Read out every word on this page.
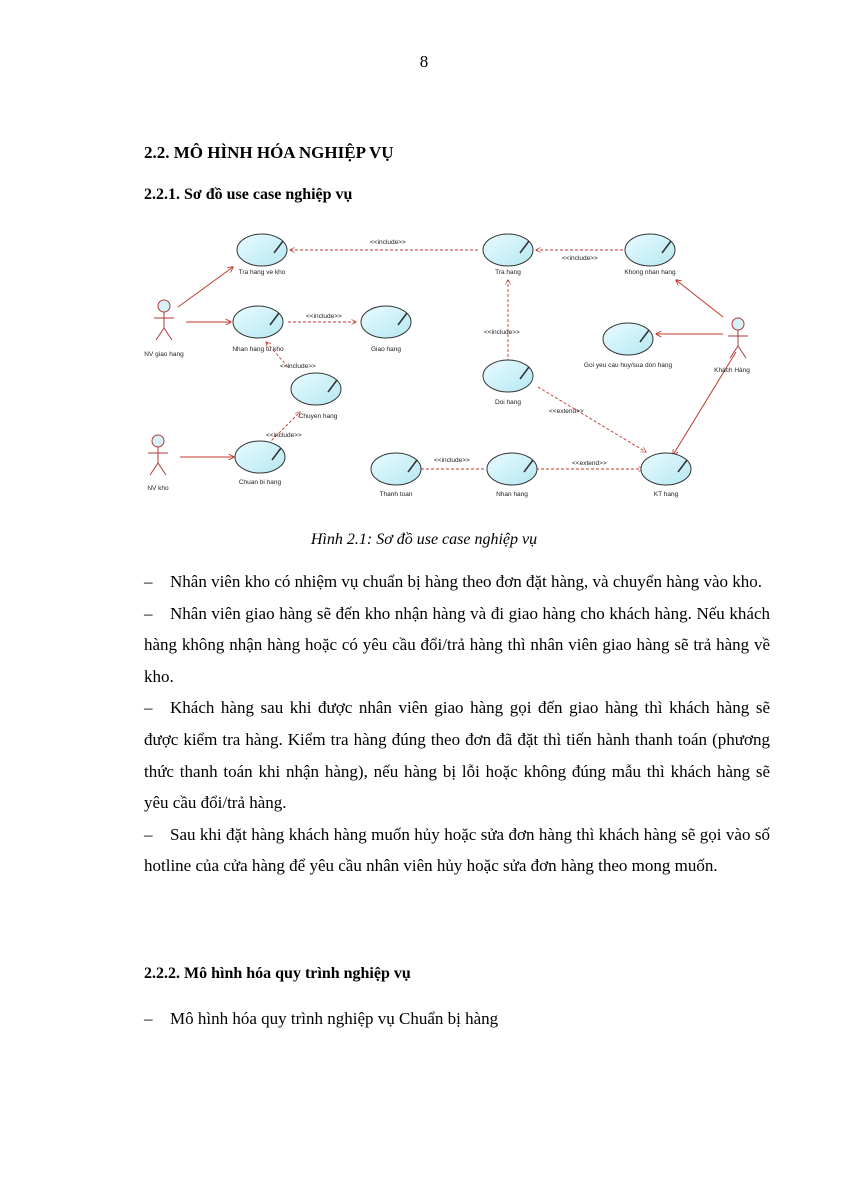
8
2.2. MÔ HÌNH HÓA NGHIỆP VỤ
2.2.1. Sơ đồ use case nghiệp vụ
<<include>>
<<include>>
<<include>>
<<include>>
<<include>>
<<extend>>
<<include>>
<<extend>>
<<include>>
NV giao hang
NV kho
Tra hang ve kho	Tra hang	Khong nhan hang
Nhan hang tu kho	Giao hang
Goi yeu cau huy/sua don hang
Doi hang
Chuyen hang
Chuan bi hang
Thanh toan	Nhan hang	KT hang
Khách Hàng
Hình 2.1: Sơ đồ use case nghiệp vụ

– Nhân viên kho có nhiệm vụ chuẩn bị hàng theo đơn đặt hàng, và chuyển hàng vào kho.

– Nhân viên giao hàng sẽ đến kho nhận hàng và đi giao hàng cho khách hàng. Nếu khách hàng không nhận hàng hoặc có yêu cầu đổi/trả hàng thì nhân viên giao hàng sẽ trả hàng về kho.

– Khách hàng sau khi được nhân viên giao hàng gọi đến giao hàng thì khách hàng sẽ được kiểm tra hàng. Kiểm tra hàng đúng theo đơn đã đặt thì tiến hành thanh toán (phương thức thanh toán khi nhận hàng), nếu hàng bị lỗi hoặc không đúng mẫu thì khách hàng sẽ yêu cầu đổi/trả hàng.

– Sau khi đặt hàng khách hàng muốn hủy hoặc sửa đơn hàng thì khách hàng sẽ gọi vào số hotline của cửa hàng để yêu cầu nhân viên hủy hoặc sửa đơn hàng theo mong muốn.

2.2.2. Mô hình hóa quy trình nghiệp vụ
– Mô hình hóa quy trình nghiệp vụ Chuẩn bị hàng
